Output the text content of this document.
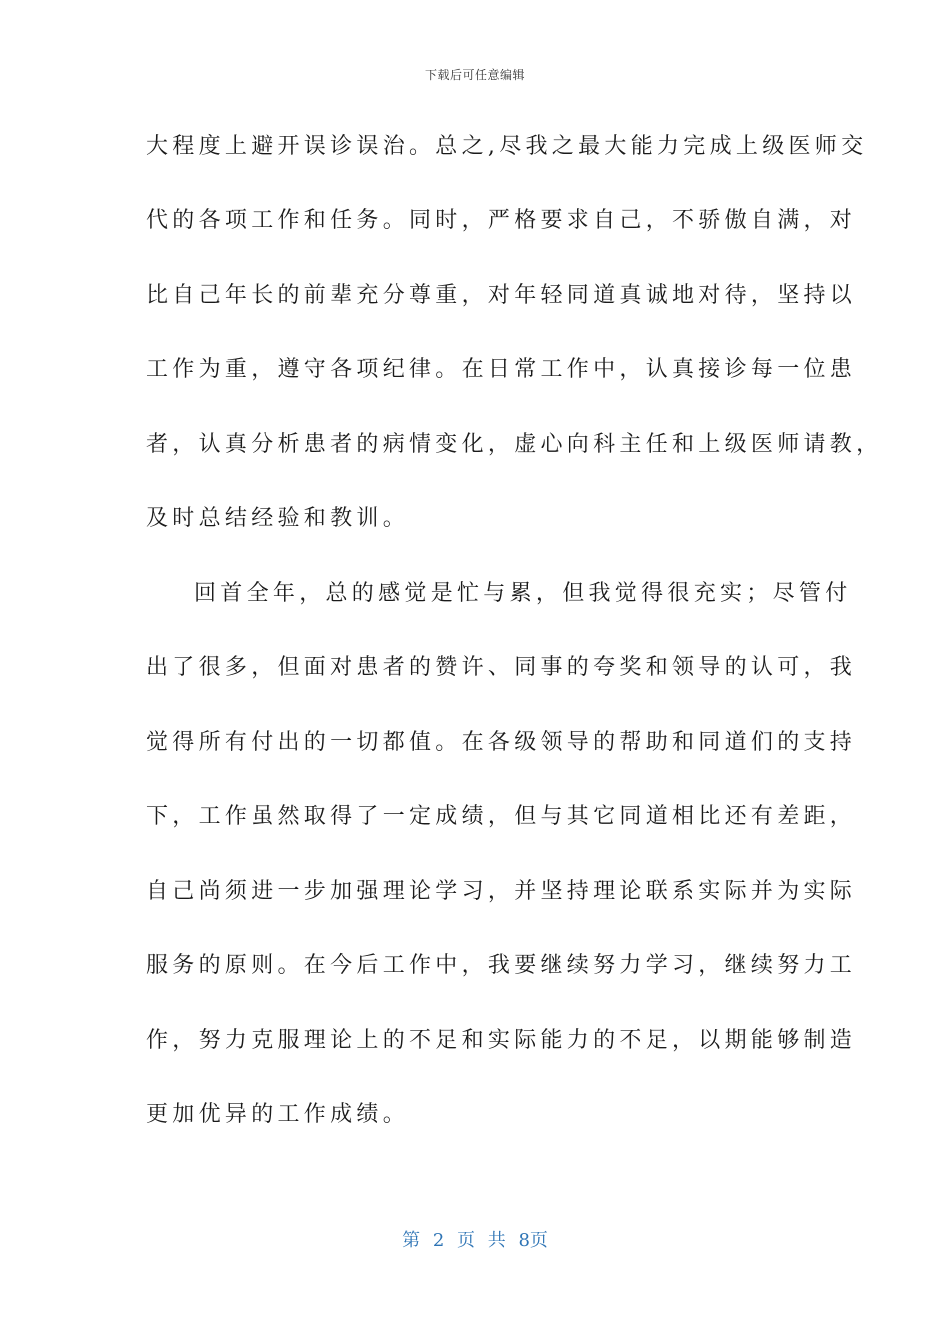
下载后可任意编辑
大程度上避开误诊误治。总之,尽我之最大能力完成上级医师交
代的各项工作和任务。同时，严格要求自己，不骄傲自满，对
比自己年长的前辈充分尊重，对年轻同道真诚地对待，坚持以
工作为重，遵守各项纪律。在日常工作中，认真接诊每一位患
者，认真分析患者的病情变化，虚心向科主任和上级医师请教，
及时总结经验和教训。
回首全年，总的感觉是忙与累，但我觉得很充实；尽管付
出了很多，但面对患者的赞许、同事的夸奖和领导的认可，我
觉得所有付出的一切都值。在各级领导的帮助和同道们的支持
下，工作虽然取得了一定成绩，但与其它同道相比还有差距，
自己尚须进一步加强理论学习，并坚持理论联系实际并为实际
服务的原则。在今后工作中，我要继续努力学习，继续努力工
作，努力克服理论上的不足和实际能力的不足，以期能够制造
更加优异的工作成绩。
第 2 页 共 8页
